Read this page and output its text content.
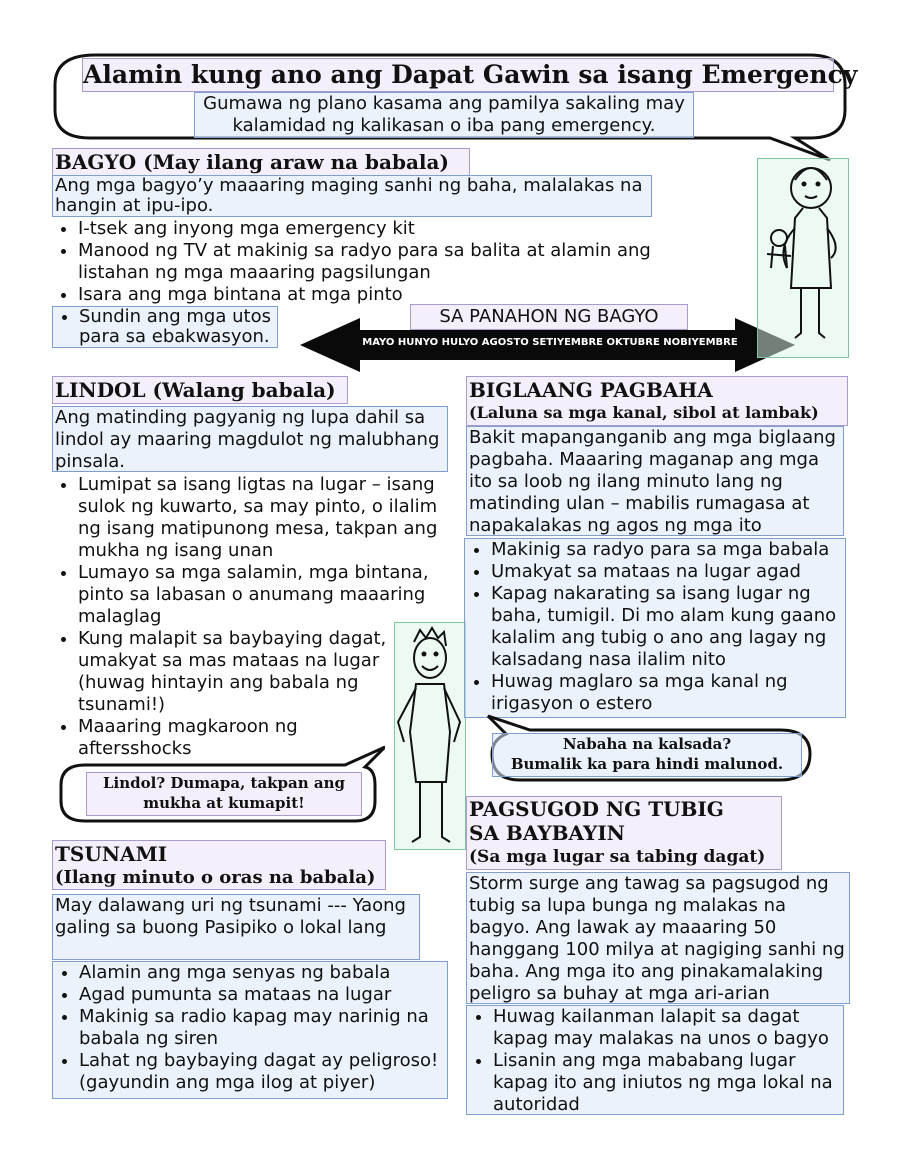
Alamin kung ano ang Dapat Gawin sa isang Emergency
Gumawa ng plano kasama ang pamilya sakaling may
kalamidad ng kalikasan o iba pang emergency.
BAGYO (May ilang araw na babala)
Ang mga bagyo’y maaaring maging sanhi ng baha, malalakas na hangin at ipu-ipo.
• I-tsek ang inyong mga emergency kit
• Manood ng TV at makinig sa radyo para sa balita at alamin ang listahan ng mga maaaring pagsilungan
• Isara ang mga bintana at mga pinto
• Sundin ang mga utos para sa ebakwasyon.	MAYO HUNYO HULYO AGOSTO SETIYEMBRE OKTUBRE NOBIYEMBRE
SA PANAHON NG BAGYO
LINDOL (Walang babala)
Ang matinding pagyanig ng lupa dahil sa lindol ay maaring magdulot ng malubhang pinsala.
• Lumipat sa isang ligtas na lugar – isang sulok ng kuwarto, sa may pinto, o ilalim ng isang matipunong mesa, takpan ang mukha ng isang unan
• Lumayo sa mga salamin, mga bintana, pinto sa labasan o anumang maaaring malaglag
• Kung malapit sa baybaying dagat, umakyat sa mas mataas na lugar (huwag hintayin ang babala ng tsunami!)
• Maaaring magkaroon ng aftersshocks
Lindol? Dumapa, takpan ang
mukha at kumapit!
BIGLAANG PAGBAHA
(Laluna sa mga kanal, sibol at lambak)
Bakit mapanganganib ang mga biglaang pagbaha. Maaaring maganap ang mga ito sa loob ng ilang minuto lang ng matinding ulan – mabilis rumagasa at napakalakas ng agos ng mga ito
• Makinig sa radyo para sa mga babala
• Umakyat sa mataas na lugar agad
• Kapag nakarating sa isang lugar ng baha, tumigil. Di mo alam kung gaano kalalim ang tubig o ano ang lagay ng kalsadang nasa ilalim nito
• Huwag maglaro sa mga kanal ng irigasyon o estero
Nabaha na kalsada?
Bumalik ka para hindi malunod.
TSUNAMI
(Ilang minuto o oras na babala)
May dalawang uri ng tsunami --- Yaong galing sa buong Pasipiko o lokal lang
• Alamin ang mga senyas ng babala
• Agad pumunta sa mataas na lugar
• Makinig sa radio kapag may narinig na babala ng siren
• Lahat ng baybaying dagat ay peligroso! (gayundin ang mga ilog at piyer)
PAGSUGOD NG TUBIG
SA BAYBAYIN
(Sa mga lugar sa tabing dagat)
Storm surge ang tawag sa pagsugod ng tubig sa lupa bunga ng malakas na bagyo. Ang lawak ay maaaring 50 hanggang 100 milya at nagiging sanhi ng baha. Ang mga ito ang pinakamalaking peligro sa buhay at mga ari-arian
• Huwag kailanman lalapit sa dagat kapag may malakas na unos o bagyo
• Lisanin ang mga mababang lugar kapag ito ang iniutos ng mga lokal na autoridad
